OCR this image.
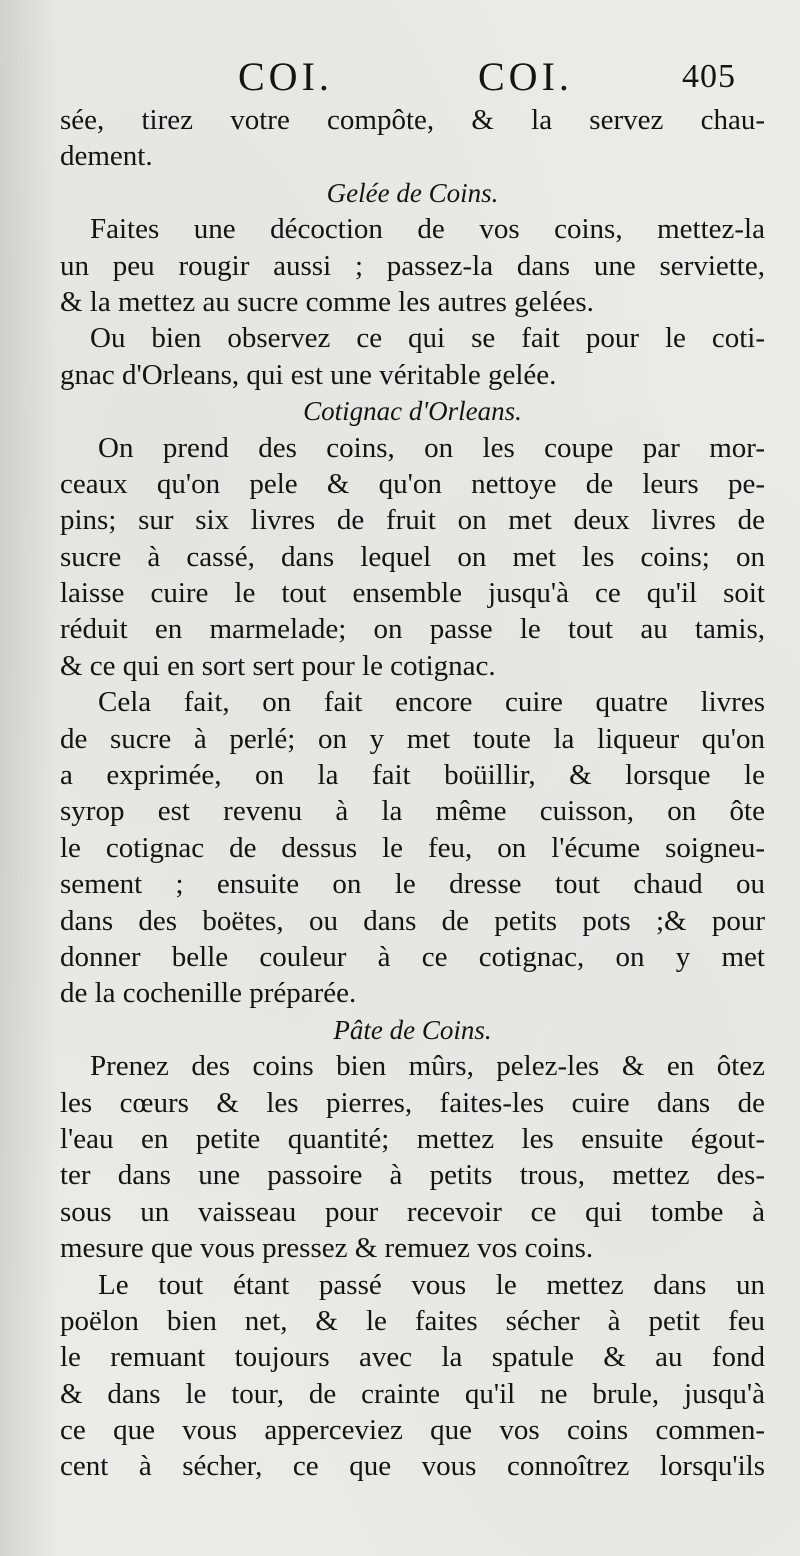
COI.	COI.	405
sée, tirez votre compôte, & la servez chau-
dement.
Gelée de Coins.
Faites une décoction de vos coins, mettez-la
un peu rougir aussi ; passez-la dans une serviette,
& la mettez au sucre comme les autres gelées.
Ou bien observez ce qui se fait pour le coti-
gnac d'Orleans, qui est une véritable gelée.
Cotignac d'Orleans.
On prend des coins, on les coupe par mor-
ceaux qu'on pele & qu'on nettoye de leurs pe-
pins; sur six livres de fruit on met deux livres de
sucre à cassé, dans lequel on met les coins; on
laisse cuire le tout ensemble jusqu'à ce qu'il soit
réduit en marmelade; on passe le tout au tamis,
& ce qui en sort sert pour le cotignac.
Cela fait, on fait encore cuire quatre livres
de sucre à perlé; on y met toute la liqueur qu'on
a exprimée, on la fait boüillir, & lorsque le
syrop est revenu à la même cuisson, on ôte
le cotignac de dessus le feu, on l'écume soigneu-
sement ; ensuite on le dresse tout chaud ou
dans des boëtes, ou dans de petits pots ;& pour
donner belle couleur à ce cotignac, on y met
de la cochenille préparée.
Pâte de Coins.
Prenez des coins bien mûrs, pelez-les & en ôtez
les cœurs & les pierres, faites-les cuire dans de
l'eau en petite quantité; mettez les ensuite égout-
ter dans une passoire à petits trous, mettez des-
sous un vaisseau pour recevoir ce qui tombe à
mesure que vous pressez & remuez vos coins.
Le tout étant passé vous le mettez dans un
poëlon bien net, & le faites sécher à petit feu
le remuant toujours avec la spatule & au fond
& dans le tour, de crainte qu'il ne brule, jusqu'à
ce que vous apperceviez que vos coins commen-
cent à sécher, ce que vous connoîtrez lorsqu'ils
